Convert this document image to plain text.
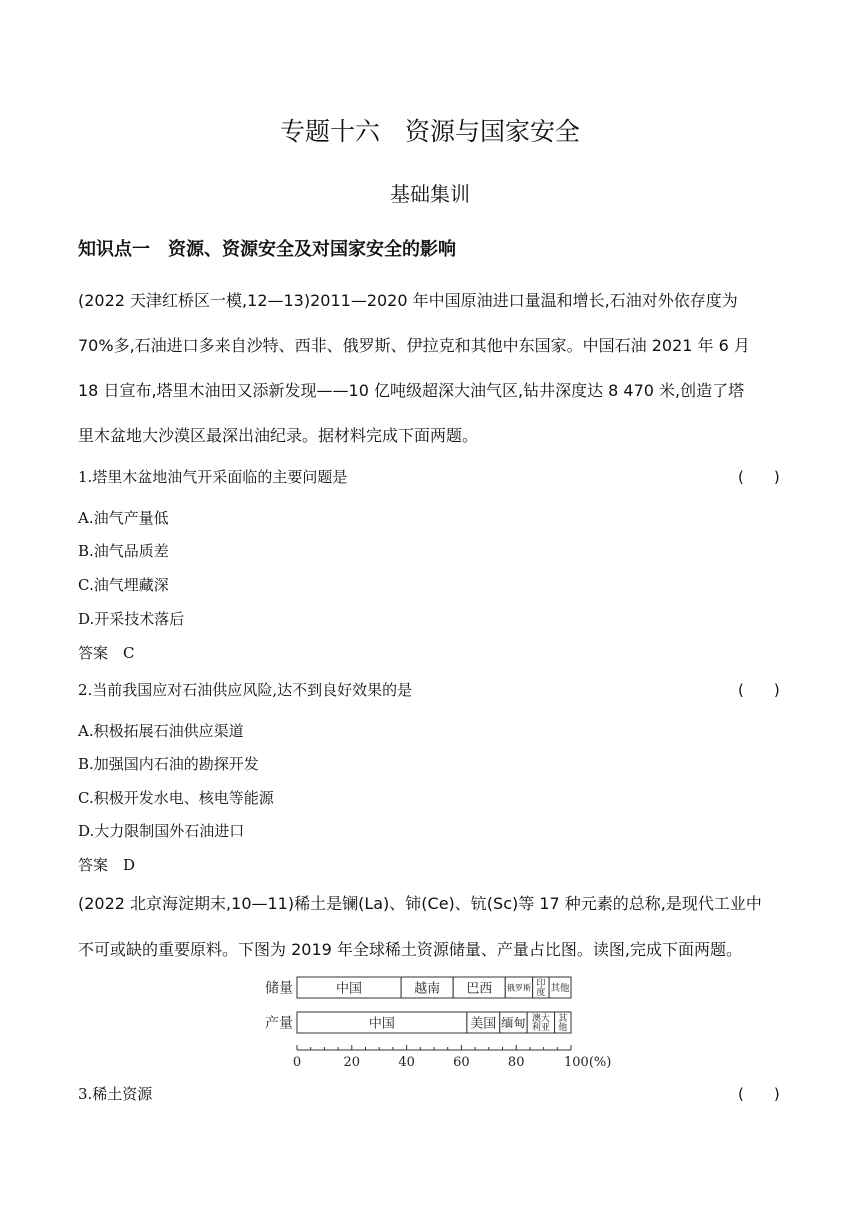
专题十六　资源与国家安全
基础集训
知识点一　资源、资源安全及对国家安全的影响
(2022 天津红桥区一模,12—13)2011—2020 年中国原油进口量温和增长,石油对外依存度为
70%多,石油进口多来自沙特、西非、俄罗斯、伊拉克和其他中东国家。中国石油 2021 年 6 月
18 日宣布,塔里木油田又添新发现——10 亿吨级超深大油气区,钻井深度达 8 470 米,创造了塔
里木盆地大沙漠区最深出油纪录。据材料完成下面两题。
1.塔里木盆地油气开采面临的主要问题是	(　　)
A.油气产量低
B.油气品质差
C.油气埋藏深
D.开采技术落后
答案　C
2.当前我国应对石油供应风险,达不到良好效果的是	(　　)
A.积极拓展石油供应渠道
B.加强国内石油的勘探开发
C.积极开发水电、核电等能源
D.大力限制国外石油进口
答案　D
(2022 北京海淀期末,10—11)稀土是镧(La)、铈(Ce)、钪(Sc)等 17 种元素的总称,是现代工业中
不可或缺的重要原料。下图为 2019 年全球稀土资源储量、产量占比图。读图,完成下面两题。
储量	中国	越南 巴西 俄罗斯 印度 其他
产量	中国	美国 缅甸 澳大利亚
其他
0	20	40	60	80	100(%)
3.稀土资源	(　　)
